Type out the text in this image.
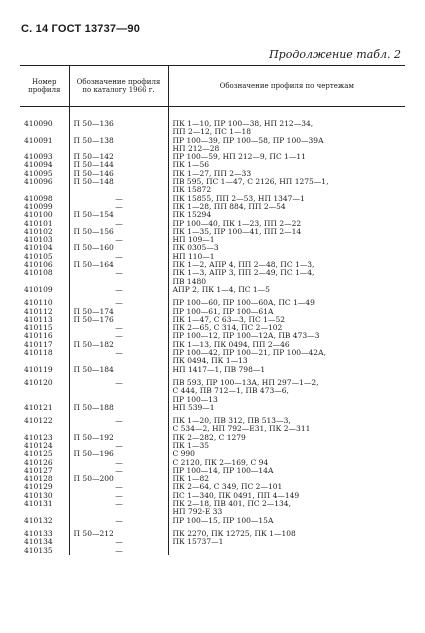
С. 14 ГОСТ 13737—90
Продолжение табл. 2
Номер профиля	Обозначение профиля по каталогу 1966 г.	Обозначение профиля по чертежам
410090	П 50—136	ПК 1—10, ПР 100—38, НП 212—34,
ПП 2—12, ПС 1—18

410091	П 50—138	ПР 100—39, ПР 100—58, ПР 100—39А
НП 212—28

410093	П 50—142	ПР 100—59, НП 212—9, ПС 1—11

410094	П 50—144	ПК 1—56

410095	П 50—146	ПК 1—27, ПП 2—33

410096	П 50—148	ПВ 595, ПС 1—47, С 2126, НП 1275—1,
ПК 15872

410098	—	ПК 15855, ПП 2—53, НП 1347—1

410099	—	ПК 1—28, ПП 884, ПП 2—54

410100	П 50—154	ПК 15294

410101	—	ПР 100—40, ПК 1—23, ПП 2—22

410102	П 50—156	ПК 1—35, ПР 100—41, ПП 2—14

410103	—	НП 109—1

410104	П 50—160	ПК 0305—3

410105	—	НП 110—1

410106	П 50—164	ПК 1—2, АПР 4, ПП 2—48, ПС 1—3,

410108	—	ПК 1—3, АПР 3, ПП 2—49, ПС 1—4,
ПВ 1480

410109	—	АПР 2, ПК 1—4, ПС 1—5

410110	—	ПР 100—60, ПР 100—60А, ПС 1—49

410112	П 50—174	ПР 100—61, ПР 100—61А

410113	П 50—176	ПК 1—47, С 63—3, ПС 1—52

410115	—	ПК 2—65, С 314, ПС 2—102

410116	—	ПР 100—12, ПР 100—12А, ПВ 473—3

410117	П 50—182	ПК 1—13, ПК 0494, ПП 2—46

410118	—	ПР 100—42, ПР 100—21, ПР 100—42А,
ПК 0494, ПК 1—13

410119	П 50—184	НП 1417—1, ПВ 798—1

410120	—	ПВ 593, ПР 100—13А, НП 297—1—2,
С 444, ПВ 712—1, ПВ 473—6,
ПР 100—13

410121	П 50—188	НП 539—1

410122	—	ПК 1—20, ПВ 312, ПВ 513—3,
С 534—2, НП 792—Е31, ПК 2—311

410123	П 50—192	ПК 2—282, С 1279

410124	—	ПК 1—35

410125	П 50—196	С 990

410126	—	С 2120, ПК 2—169, С 94

410127	—	ПР 100—14, ПР 100—14А

410128	П 50—200	ПК 1—82

410129	—	ПК 2—64, С 349, ПС 2—101

410130	—	ПС 1—340, ПК 0491, ПП 4—149

410131	—	ПК 2—18, ПВ 401, ПС 2—134,
НП 792-Е 33

410132	—	ПР 100—15, ПР 100—15А

410133	П 50—212	ПК 2270, ПК 12725, ПК 1—108

410134	—	ПК 15737—1

410135	—	
